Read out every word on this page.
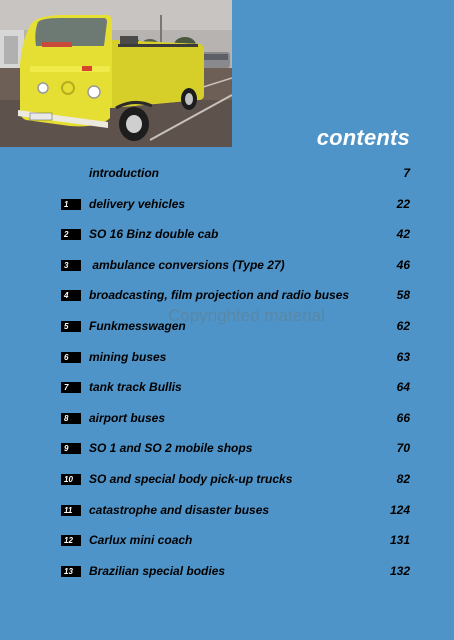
contents
Copyrighted material
introduction	7
1	delivery vehicles	22
2	SO 16 Binz double cab	42
3	ambulance conversions (Type 27)	46
4	broadcasting, film projection and radio buses	58
5	Funkmesswagen	62
6	mining buses	63
7	tank track Bullis	64
8	airport buses	66
9	SO 1 and SO 2 mobile shops	70
10	SO and special body pick-up trucks	82
11	catastrophe and disaster buses	124
12	Carlux mini coach	131
13	Brazilian special bodies	132
